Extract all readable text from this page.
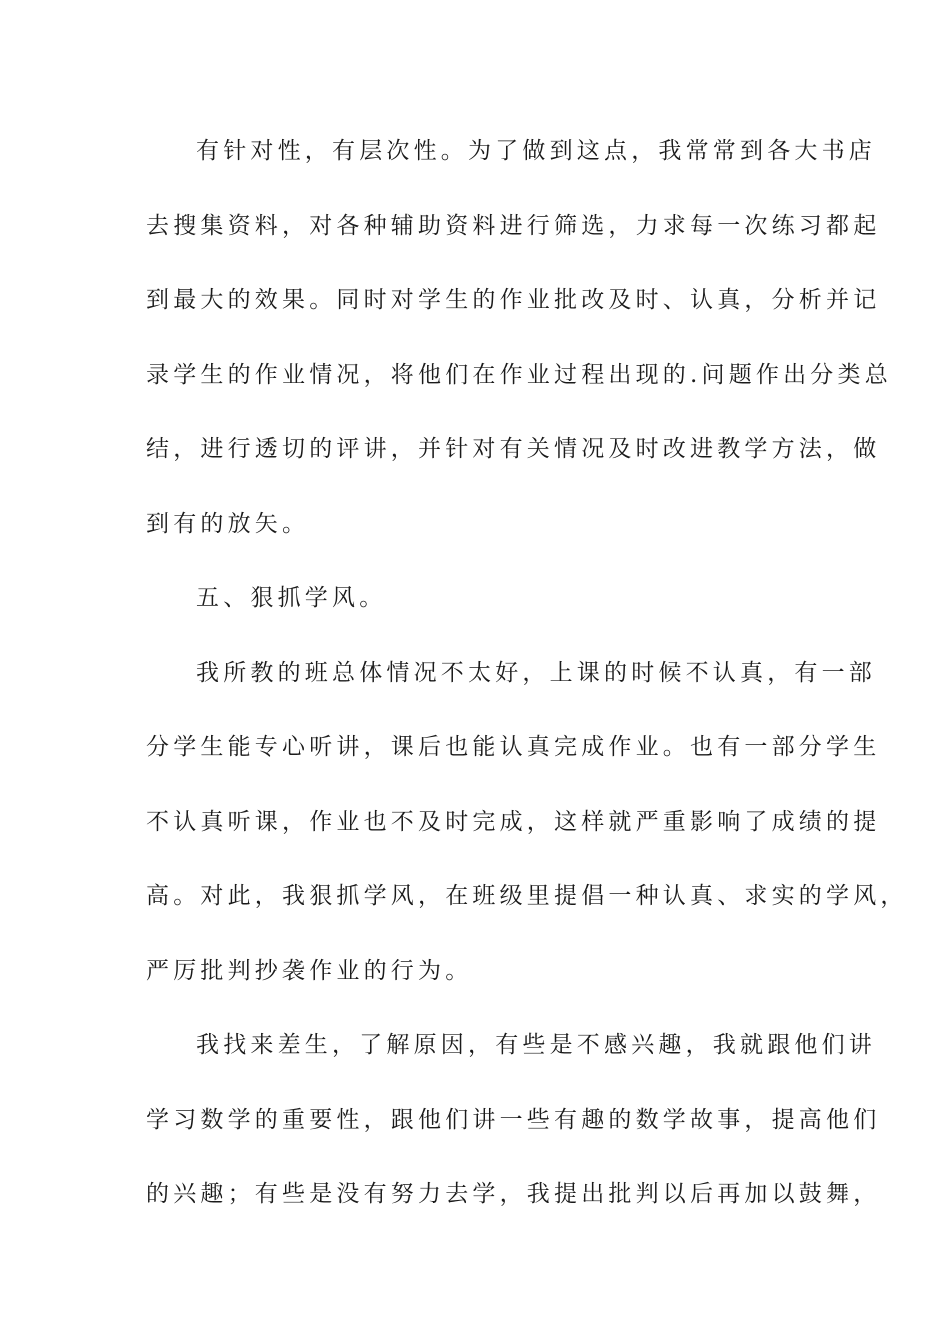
有针对性，有层次性。为了做到这点，我常常到各大书店
去搜集资料，对各种辅助资料进行筛选，力求每一次练习都起
到最大的效果。同时对学生的作业批改及时、认真，分析并记
录学生的作业情况，将他们在作业过程出现的.问题作出分类总
结，进行透切的评讲，并针对有关情况及时改进教学方法，做
到有的放矢。
五、狠抓学风。
我所教的班总体情况不太好，上课的时候不认真，有一部
分学生能专心听讲，课后也能认真完成作业。也有一部分学生
不认真听课，作业也不及时完成，这样就严重影响了成绩的提
高。对此，我狠抓学风，在班级里提倡一种认真、求实的学风，
严厉批判抄袭作业的行为。
我找来差生，了解原因，有些是不感兴趣，我就跟他们讲
学习数学的重要性，跟他们讲一些有趣的数学故事，提高他们
的兴趣；有些是没有努力去学，我提出批判以后再加以鼓舞，
